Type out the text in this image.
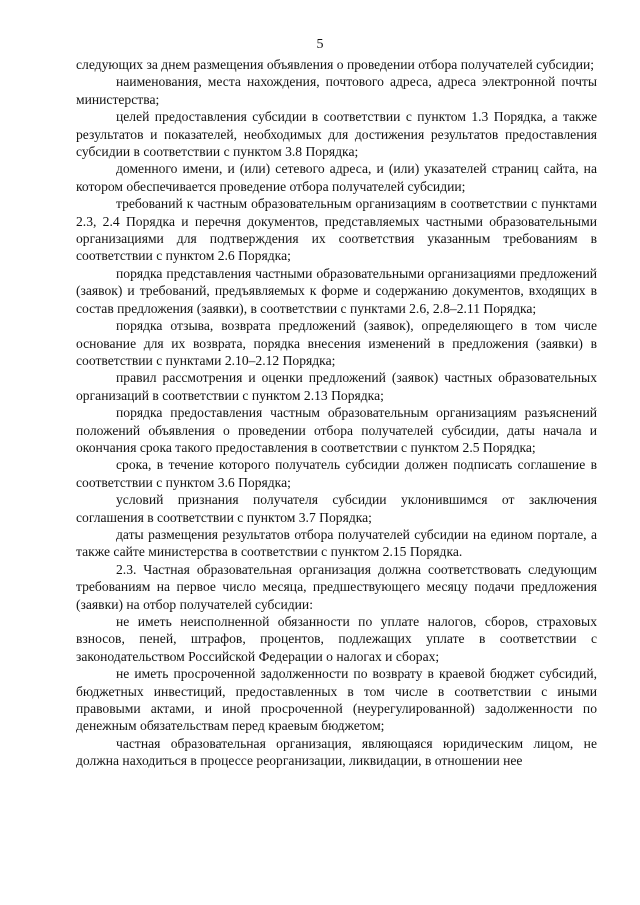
5

следующих за днем размещения объявления о проведении отбора получателей субсидии;

наименования, места нахождения, почтового адреса, адреса электронной почты министерства;

целей предоставления субсидии в соответствии с пунктом 1.3 Порядка, а также результатов и показателей, необходимых для достижения результатов предоставления субсидии в соответствии с пунктом 3.8 Порядка;

доменного имени, и (или) сетевого адреса, и (или) указателей страниц сайта, на котором обеспечивается проведение отбора получателей субсидии;

требований к частным образовательным организациям в соответствии с пунктами 2.3, 2.4 Порядка и перечня документов, представляемых частными образовательными организациями для подтверждения их соответствия указанным требованиям в соответствии с пунктом 2.6 Порядка;

порядка представления частными образовательными организациями предложений (заявок) и требований, предъявляемых к форме и содержанию документов, входящих в состав предложения (заявки), в соответствии с пунктами 2.6, 2.8–2.11 Порядка;

порядка отзыва, возврата предложений (заявок), определяющего в том числе основание для их возврата, порядка внесения изменений в предложения (заявки) в соответствии с пунктами 2.10–2.12 Порядка;

правил рассмотрения и оценки предложений (заявок) частных образовательных организаций в соответствии с пунктом 2.13 Порядка;

порядка предоставления частным образовательным организациям разъяснений положений объявления о проведении отбора получателей субсидии, даты начала и окончания срока такого предоставления в соответствии с пунктом 2.5 Порядка;

срока, в течение которого получатель субсидии должен подписать соглашение в соответствии с пунктом 3.6 Порядка;

условий признания получателя субсидии уклонившимся от заключения соглашения в соответствии с пунктом 3.7 Порядка;

даты размещения результатов отбора получателей субсидии на едином портале, а также сайте министерства в соответствии с пунктом 2.15 Порядка.

2.3. Частная образовательная организация должна соответствовать следующим требованиям на первое число месяца, предшествующего месяцу подачи предложения (заявки) на отбор получателей субсидии:

не иметь неисполненной обязанности по уплате налогов, сборов, страховых взносов, пеней, штрафов, процентов, подлежащих уплате в соответствии с законодательством Российской Федерации о налогах и сборах;

не иметь просроченной задолженности по возврату в краевой бюджет субсидий, бюджетных инвестиций, предоставленных в том числе в соответствии с иными правовыми актами, и иной просроченной (неурегулированной) задолженности по денежным обязательствам перед краевым бюджетом;

частная образовательная организация, являющаяся юридическим лицом, не должна находиться в процессе реорганизации, ликвидации, в отношении нее
